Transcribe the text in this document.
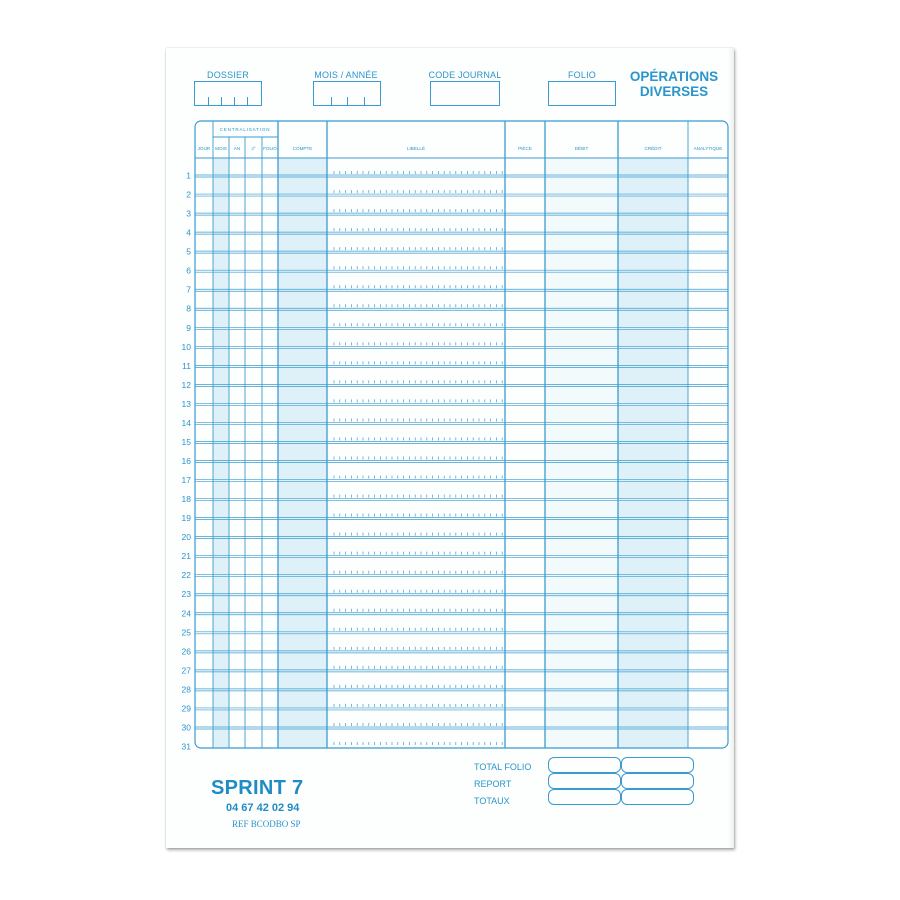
DOSSIER	MOIS / ANNÉE	CODE JOURNAL	FOLIO	OPÉRATIONS
DIVERSES
CENTRALISATION
JOUR MOIS AN J° FOLIO	COMPTE	LIBELLÉ	PIÈCE	DÉBIT	CRÉDIT	ANALYTIQUE
1
2
3
4
5
6
7
8
9
10
11
12
13
14
15
16
17
18
19
20
21
22
23
24
25
26
27
28
29
30
31
TOTAL FOLIO
REPORT
TOTAUX
SPRINT 7
04 67 42 02 94
REF BCODBO SP
